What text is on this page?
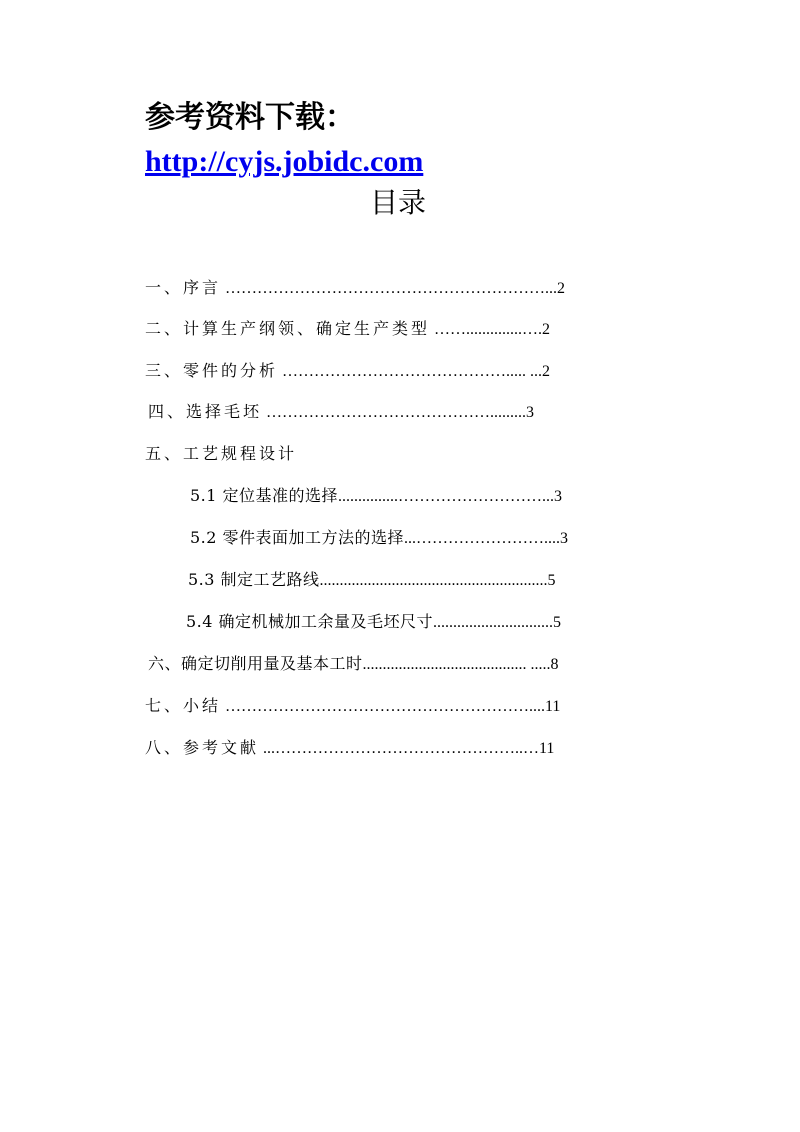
参考资料下载：
http://cyjs.jobidc.com
目录
一、序言 ……………………………………………………...2
二、计算生产纲领、确定生产类型 ……..............….2
三、零件的分析 ……………………………………..... ...2
四、选择毛坯 …………………………………….........3
五、工艺规程设计
5.1 定位基准的选择...............………………………...3
5.2 零件表面加工方法的选择...……………………....3
5.3 制定工艺路线.........................................................5
5.4 确定机械加工余量及毛坯尺寸..............................5
六、确定切削用量及基本工时......................................... .....8
七、小结 …………………………………………………....11
八、参考文献 ...………………………………………..…11
